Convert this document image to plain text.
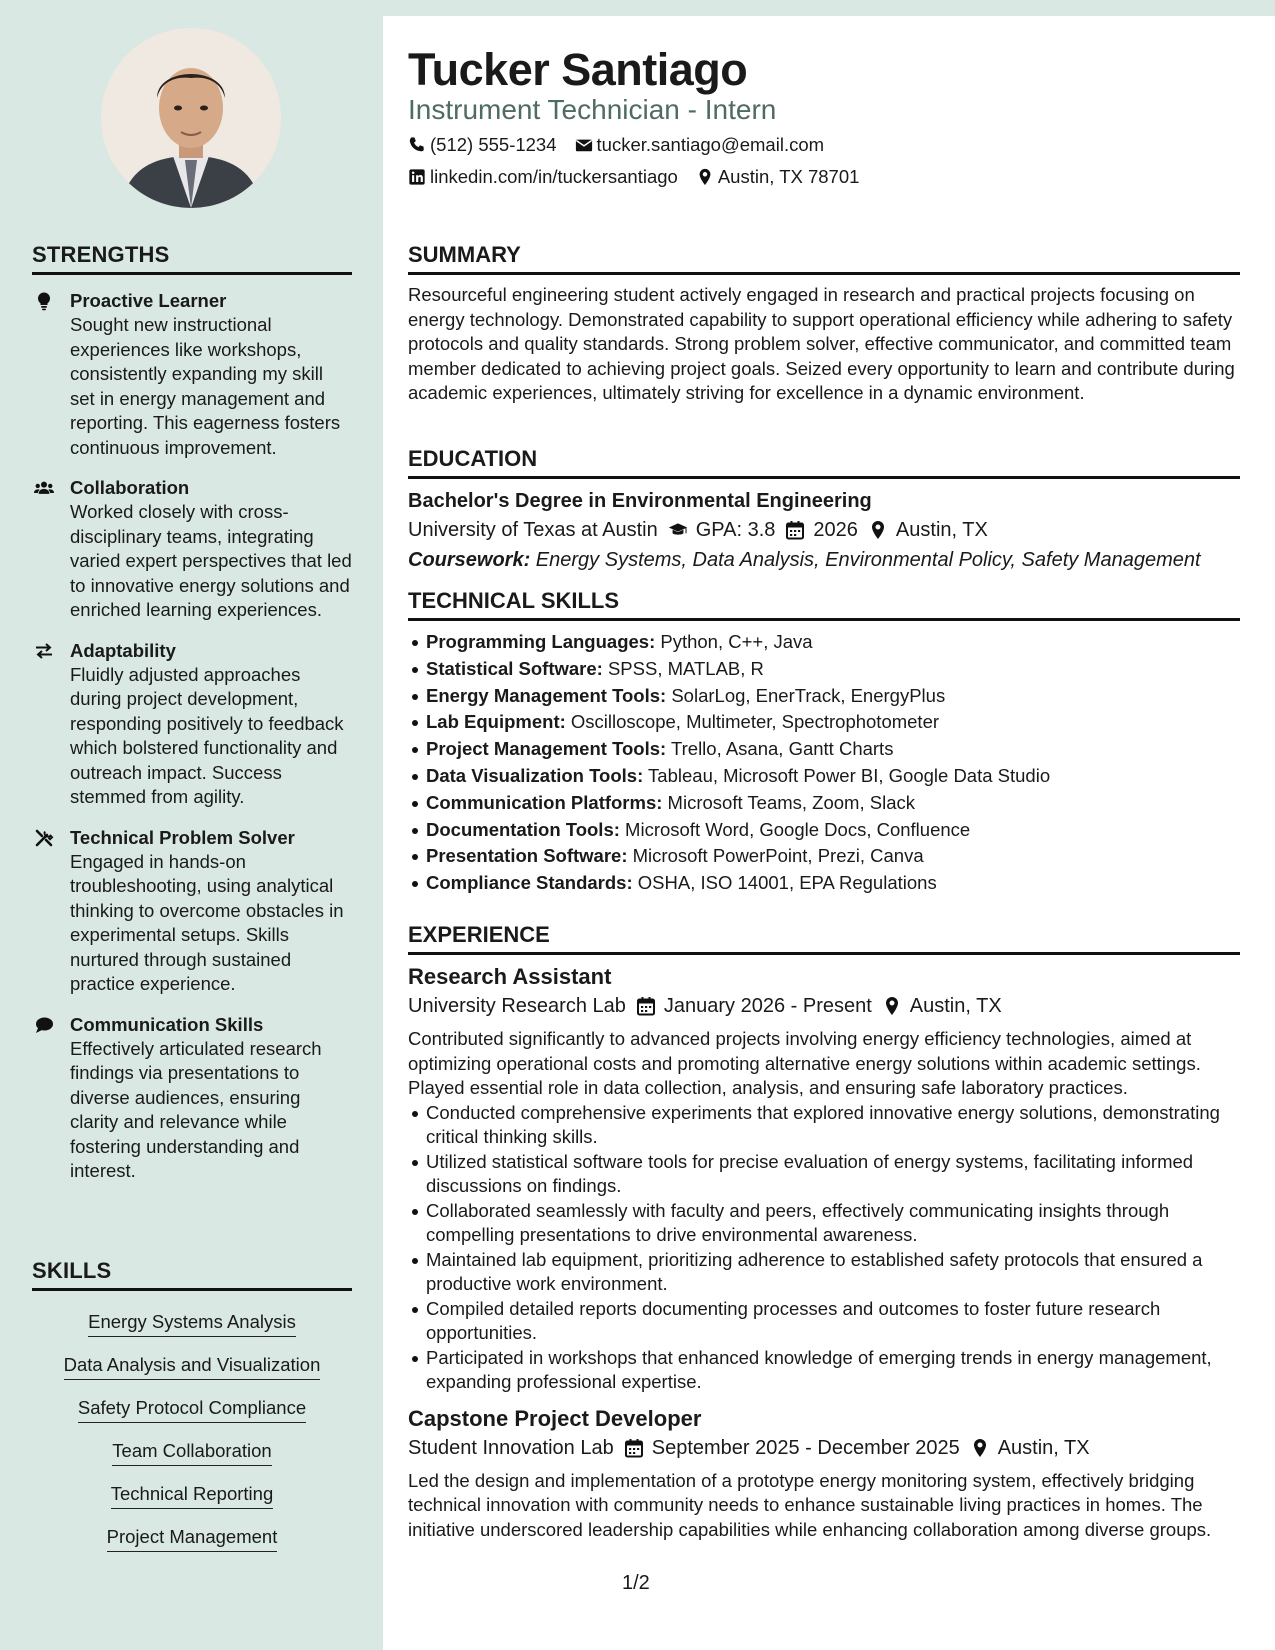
STRENGTHS
Proactive Learner
Sought new instructional experiences like workshops, consistently expanding my skill set in energy management and reporting. This eagerness fosters continuous improvement.
Collaboration
Worked closely with cross-disciplinary teams, integrating varied expert perspectives that led to innovative energy solutions and enriched learning experiences.
Adaptability
Fluidly adjusted approaches during project development, responding positively to feedback which bolstered functionality and outreach impact. Success stemmed from agility.
Technical Problem Solver
Engaged in hands-on troubleshooting, using analytical thinking to overcome obstacles in experimental setups. Skills nurtured through sustained practice experience.
Communication Skills
Effectively articulated research findings via presentations to diverse audiences, ensuring clarity and relevance while fostering understanding and interest.
SKILLS
Energy Systems Analysis
Data Analysis and Visualization
Safety Protocol Compliance
Team Collaboration
Technical Reporting
Project Management
Tucker Santiago
Instrument Technician - Intern
(512) 555-1234 tucker.santiago@email.com
linkedin.com/in/tuckersantiago Austin, TX 78701
SUMMARY

Resourceful engineering student actively engaged in research and practical projects focusing on energy technology. Demonstrated capability to support operational efficiency while adhering to safety protocols and quality standards. Strong problem solver, effective communicator, and committed team member dedicated to achieving project goals. Seized every opportunity to learn and contribute during academic experiences, ultimately striving for excellence in a dynamic environment.

EDUCATION
Bachelor's Degree in Environmental Engineering
University of Texas at Austin GPA: 3.8 2026 Austin, TX
Coursework: Energy Systems, Data Analysis, Environmental Policy, Safety Management
TECHNICAL SKILLS
Programming Languages: Python, C++, Java
Statistical Software: SPSS, MATLAB, R
Energy Management Tools: SolarLog, EnerTrack, EnergyPlus
Lab Equipment: Oscilloscope, Multimeter, Spectrophotometer
Project Management Tools: Trello, Asana, Gantt Charts
Data Visualization Tools: Tableau, Microsoft Power BI, Google Data Studio
Communication Platforms: Microsoft Teams, Zoom, Slack
Documentation Tools: Microsoft Word, Google Docs, Confluence
Presentation Software: Microsoft PowerPoint, Prezi, Canva
Compliance Standards: OSHA, ISO 14001, EPA Regulations
EXPERIENCE
Research Assistant
University Research Lab January 2026 - Present Austin, TX

Contributed significantly to advanced projects involving energy efficiency technologies, aimed at optimizing operational costs and promoting alternative energy solutions within academic settings. Played essential role in data collection, analysis, and ensuring safe laboratory practices.

Conducted comprehensive experiments that explored innovative energy solutions, demonstrating critical thinking skills.
Utilized statistical software tools for precise evaluation of energy systems, facilitating informed discussions on findings.
Collaborated seamlessly with faculty and peers, effectively communicating insights through compelling presentations to drive environmental awareness.
Maintained lab equipment, prioritizing adherence to established safety protocols that ensured a productive work environment.
Compiled detailed reports documenting processes and outcomes to foster future research opportunities.
Participated in workshops that enhanced knowledge of emerging trends in energy management, expanding professional expertise.
Capstone Project Developer
Student Innovation Lab September 2025 - December 2025 Austin, TX

Led the design and implementation of a prototype energy monitoring system, effectively bridging technical innovation with community needs to enhance sustainable living practices in homes. The initiative underscored leadership capabilities while enhancing collaboration among diverse groups.

1/2
